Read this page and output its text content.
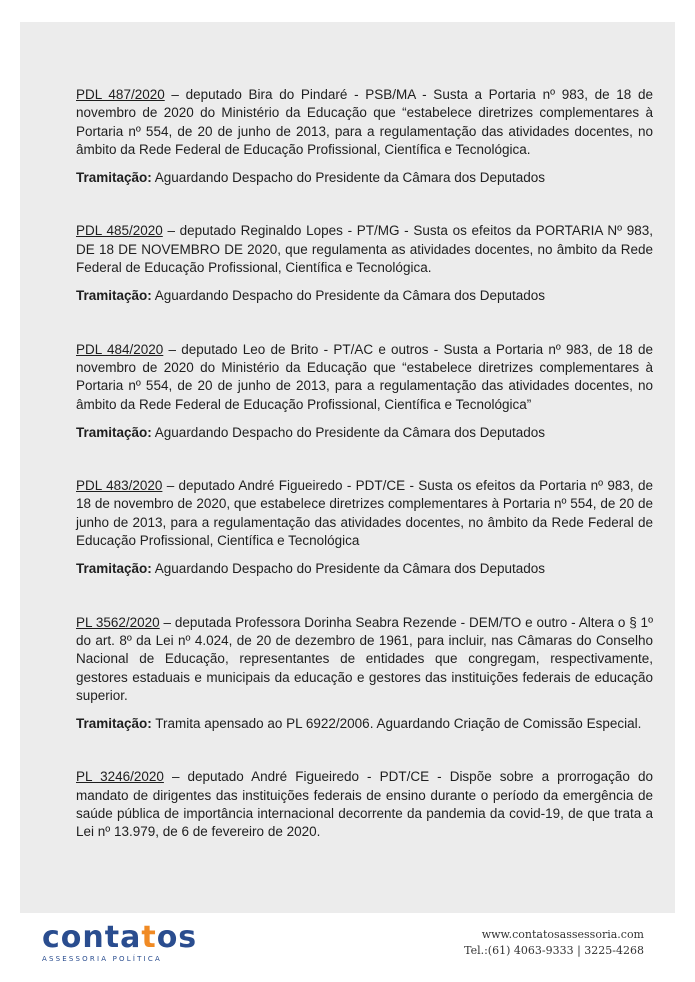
PDL 487/2020 – deputado Bira do Pindaré - PSB/MA - Susta a Portaria nº 983, de 18 de novembro de 2020 do Ministério da Educação que “estabelece diretrizes complementares à Portaria nº 554, de 20 de junho de 2013, para a regulamentação das atividades docentes, no âmbito da Rede Federal de Educação Profissional, Científica e Tecnológica.

Tramitação: Aguardando Despacho do Presidente da Câmara dos Deputados

PDL 485/2020 – deputado Reginaldo Lopes - PT/MG - Susta os efeitos da PORTARIA Nº 983, DE 18 DE NOVEMBRO DE 2020, que regulamenta as atividades docentes, no âmbito da Rede Federal de Educação Profissional, Científica e Tecnológica.

Tramitação: Aguardando Despacho do Presidente da Câmara dos Deputados

PDL 484/2020 – deputado Leo de Brito - PT/AC e outros - Susta a Portaria nº 983, de 18 de novembro de 2020 do Ministério da Educação que “estabelece diretrizes complementares à Portaria nº 554, de 20 de junho de 2013, para a regulamentação das atividades docentes, no âmbito da Rede Federal de Educação Profissional, Científica e Tecnológica”

Tramitação: Aguardando Despacho do Presidente da Câmara dos Deputados

PDL 483/2020 – deputado André Figueiredo - PDT/CE - Susta os efeitos da Portaria nº 983, de 18 de novembro de 2020, que estabelece diretrizes complementares à Portaria nº 554, de 20 de junho de 2013, para a regulamentação das atividades docentes, no âmbito da Rede Federal de Educação Profissional, Científica e Tecnológica

Tramitação: Aguardando Despacho do Presidente da Câmara dos Deputados

PL 3562/2020 – deputada Professora Dorinha Seabra Rezende - DEM/TO e outro - Altera o § 1º do art. 8º da Lei nº 4.024, de 20 de dezembro de 1961, para incluir, nas Câmaras do Conselho Nacional de Educação, representantes de entidades que congregam, respectivamente, gestores estaduais e municipais da educação e gestores das instituições federais de educação superior.

Tramitação: Tramita apensado ao PL 6922/2006. Aguardando Criação de Comissão Especial.

PL 3246/2020 – deputado André Figueiredo - PDT/CE - Dispõe sobre a prorrogação do mandato de dirigentes das instituições federais de ensino durante o período da emergência de saúde pública de importância internacional decorrente da pandemia da covid-19, de que trata a Lei nº 13.979, de 6 de fevereiro de 2020.

contatos
ASSESSORIA POLÍTICA
www.contatosassessoria.com
Tel.:(61) 4063-9333 | 3225-4268
